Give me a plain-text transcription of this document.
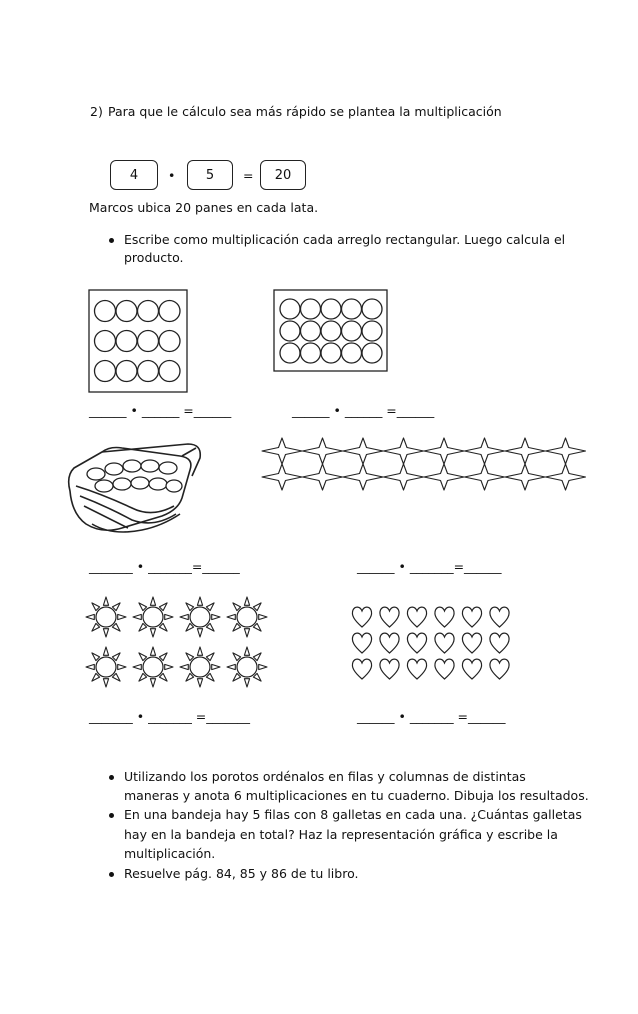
2) Para que le cálculo sea más rápido se plantea la multiplicación
4	•	5	=	20
Marcos ubica 20 panes en cada lata.
Escribe como multiplicación cada arreglo rectangular. Luego calcula el
producto.
______ • ______ =______	______ • ______ =______
_______ • _______=______	______ • _______=______
_______ • _______ =_______	______ • _______ =______
Utilizando los porotos ordénalos en filas y columnas de distintas
maneras y anota 6 multiplicaciones en tu cuaderno. Dibuja los resultados.
En una bandeja hay 5 filas con 8 galletas en cada una. ¿Cuántas galletas
hay en la bandeja en total? Haz la representación gráfica y escribe la
multiplicación.
Resuelve pág. 84, 85 y 86 de tu libro.
